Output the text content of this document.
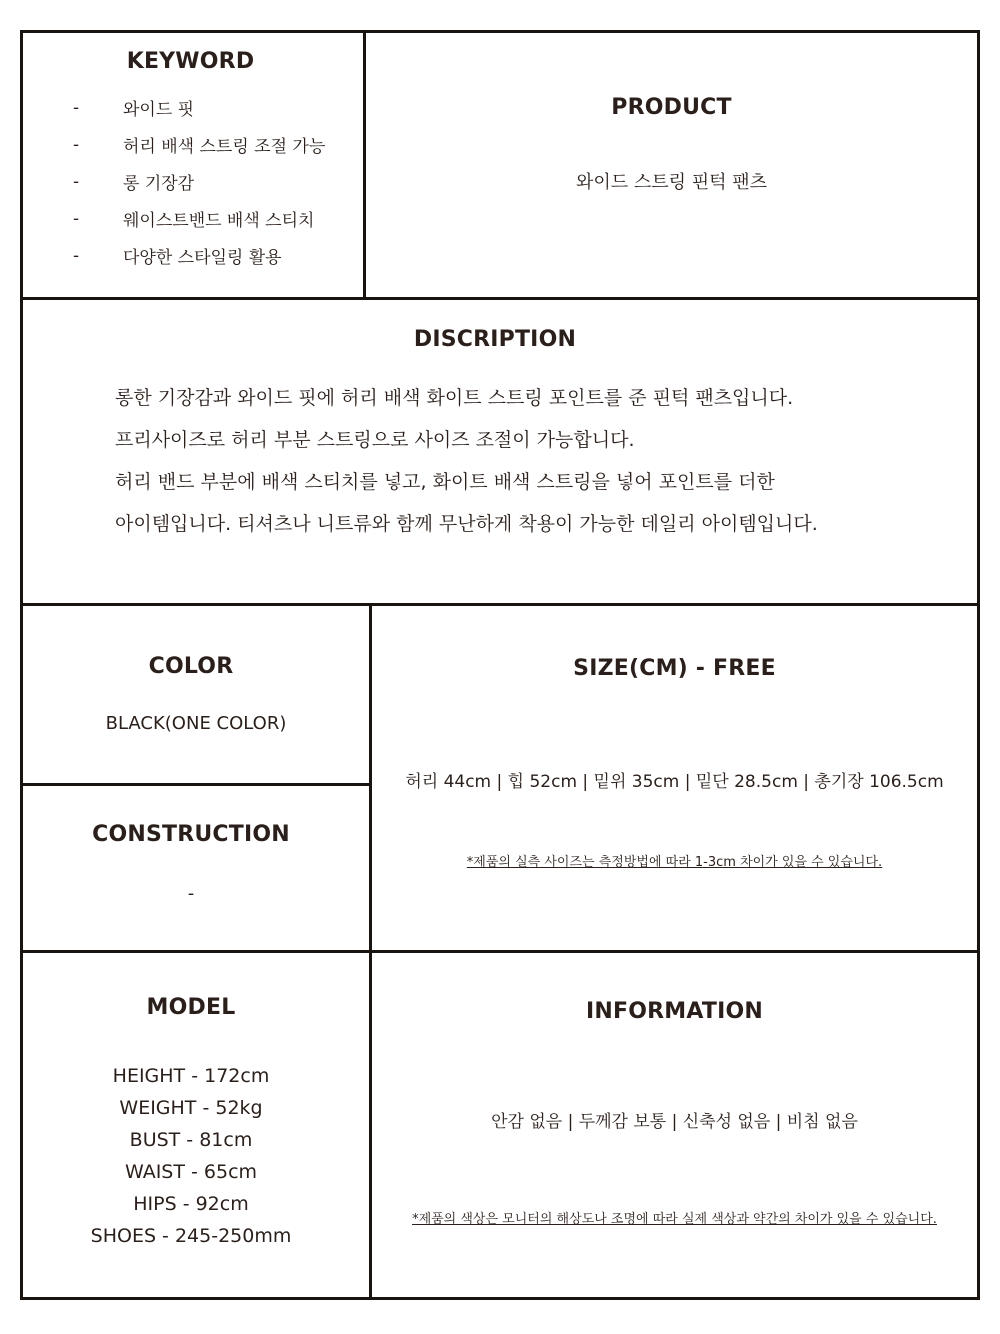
KEYWORD
-	와이드 핏
-	허리 배색 스트링 조절 가능
-	롱 기장감
-	웨이스트밴드 배색 스티치
-	다양한 스타일링 활용
PRODUCT
와이드 스트링 핀턱 팬츠
DISCRIPTION
롱한 기장감과 와이드 핏에 허리 배색 화이트 스트링 포인트를 준 핀턱 팬츠입니다.
프리사이즈로 허리 부분 스트링으로 사이즈 조절이 가능합니다.
허리 밴드 부분에 배색 스티치를 넣고, 화이트 배색 스트링을 넣어 포인트를 더한
아이템입니다. 티셔츠나 니트류와 함께 무난하게 착용이 가능한 데일리 아이템입니다.
COLOR
BLACK(ONE COLOR)
CONSTRUCTION
-
SIZE(CM) - FREE
허리 44cm | 힙 52cm | 밑위 35cm | 밑단 28.5cm | 총기장 106.5cm
*제품의 실측 사이즈는 측정방법에 따라 1-3cm 차이가 있을 수 있습니다.
MODEL
HEIGHT - 172cm
WEIGHT - 52kg
BUST - 81cm
WAIST - 65cm
HIPS - 92cm
SHOES - 245-250mm
INFORMATION
안감 없음 | 두께감 보통 | 신축성 없음 | 비침 없음
*제품의 색상은 모니터의 해상도나 조명에 따라 실제 색상과 약간의 차이가 있을 수 있습니다.
